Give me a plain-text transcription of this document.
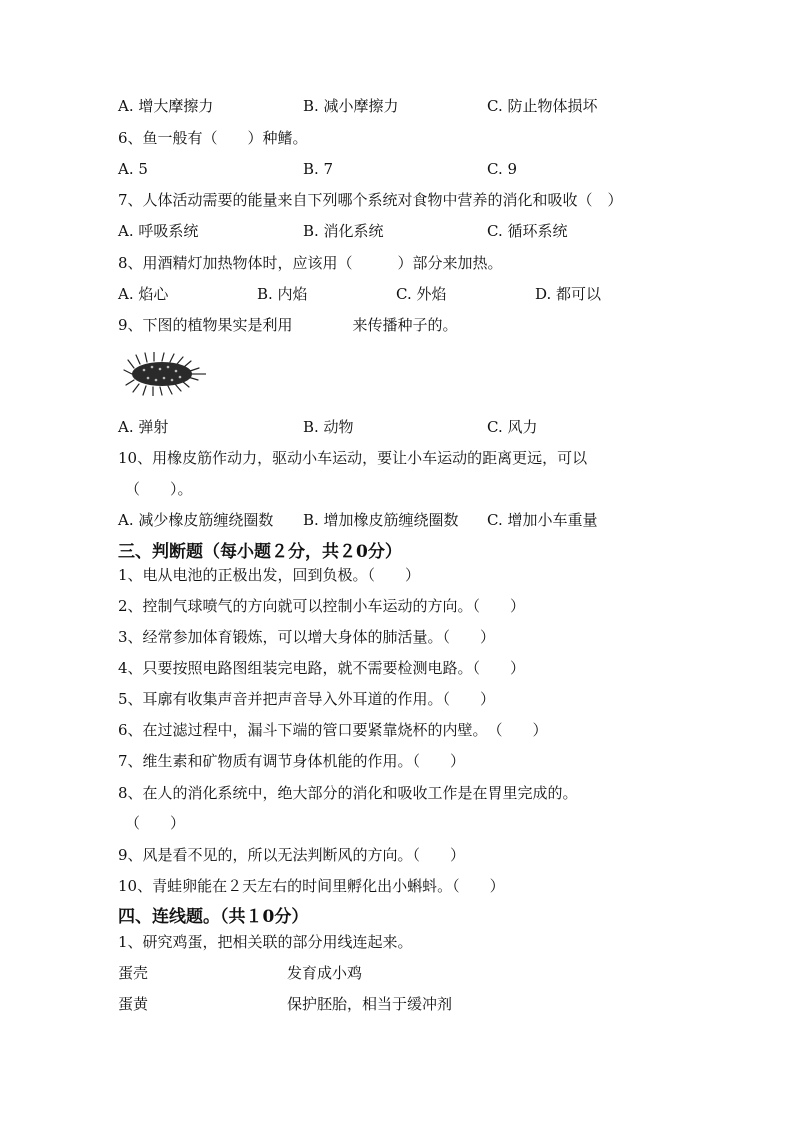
A. 增大摩擦力	B. 减小摩擦力	C. 防止物体损坏
6、鱼一般有（　　）种鳍。
A. 5	B. 7	C. 9
7、人体活动需要的能量来自下列哪个系统对食物中营养的消化和吸收（　）
A. 呼吸系统	B. 消化系统	C. 循环系统
8、用酒精灯加热物体时，应该用（　　　）部分来加热。
A. 焰心	B. 内焰	C. 外焰	D. 都可以
9、下图的植物果实是利用　　　　来传播种子的。
A. 弹射	B. 动物	C. 风力
10、用橡皮筋作动力，驱动小车运动，要让小车运动的距离更远，可以
（　　）。
A. 减少橡皮筋缠绕圈数 B. 增加橡皮筋缠绕圈数 C. 增加小车重量
三、判断题（每小题２分，共２0分）
1、电从电池的正极出发，回到负极。（　　）
2、控制气球喷气的方向就可以控制小车运动的方向。（　　）
3、经常参加体育锻炼，可以增大身体的肺活量。（　　）
4、只要按照电路图组装完电路，就不需要检测电路。（　　）
5、耳廓有收集声音并把声音导入外耳道的作用。（　　）
6、在过滤过程中，漏斗下端的管口要紧靠烧杯的内壁。　（　　）
7、维生素和矿物质有调节身体机能的作用。（　　）
8、在人的消化系统中，绝大部分的消化和吸收工作是在胃里完成的。
（　　）
9、风是看不见的，所以无法判断风的方向。（　　）
10、青蛙卵能在２天左右的时间里孵化出小蝌蚪。（　　）
四、连线题。（共１0分）
1、研究鸡蛋，把相关联的部分用线连起来。
蛋壳	发育成小鸡
蛋黄	保护胚胎，相当于缓冲剂
